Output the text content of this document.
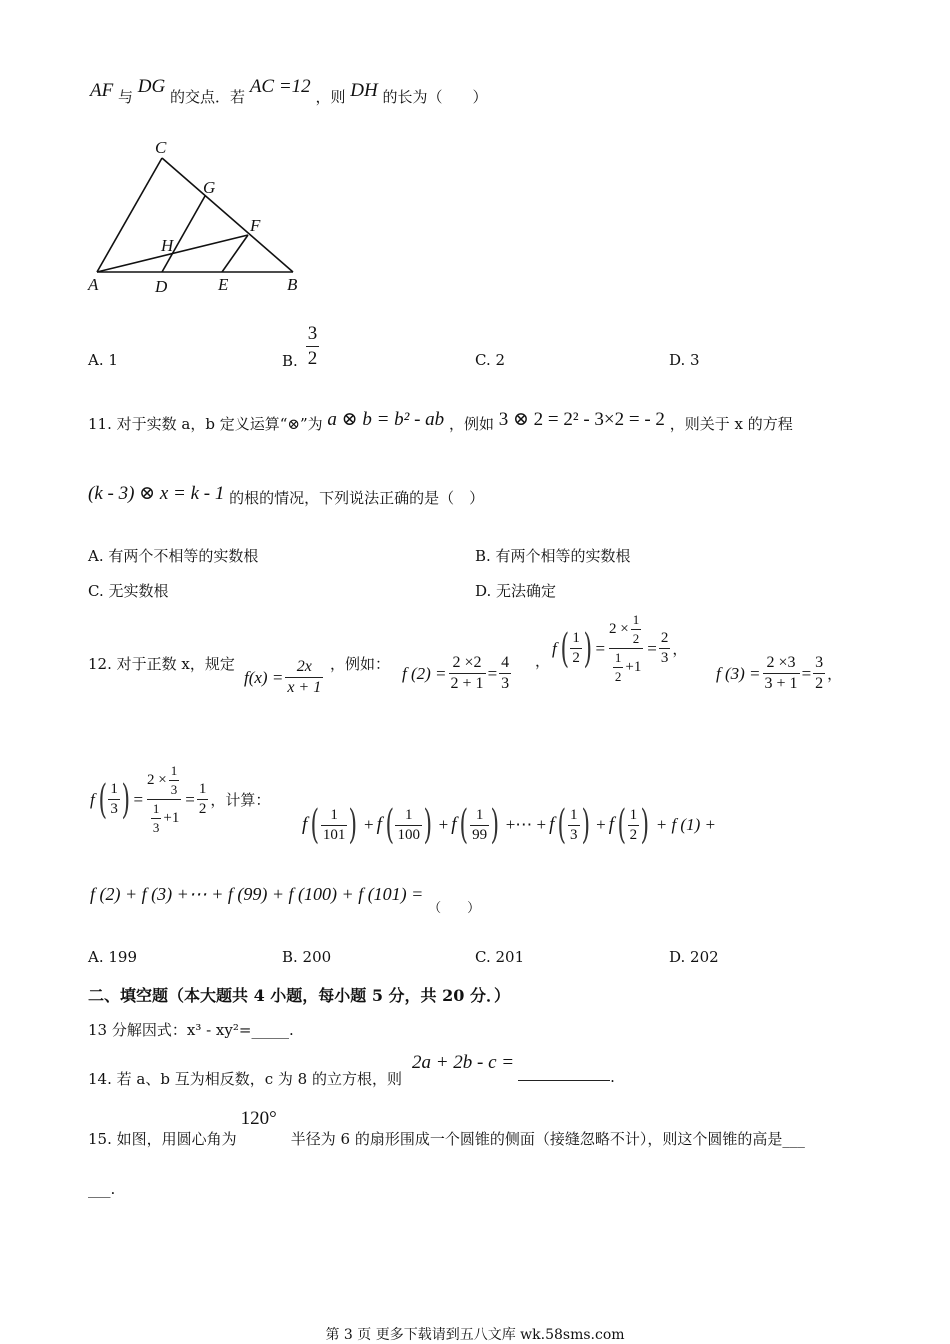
AF 与 DG 的交点．若 AC =12 ，则 DH 的长为（　　）
C
G
F
H
A	D	E	B
A. 1	B. $\frac{3}{2}$	C. 2	D. 3
11. 对于实数 a，b 定义运算“⊗”为 a ⊗ b = b² - ab ，例如 3 ⊗ 2 = 2² - 3×2 = - 2 ，则关于 x 的方程
(k - 3) ⊗ x = k - 1 的根的情况，下列说法正确的是（　）
A. 有两个不相等的实数根	B. 有两个相等的实数根
C. 无实数根	D. 无法确定
12. 对于正数 x，规定
$f(x) = \frac{2x}{x + 1}$ ，例如： f $(2) = \frac{2 \times 2}{2 + 1} = \frac{4}{3}$ ，
f ( $\frac{1}{2}$ ) = $\frac{2 \times \frac{1}{2}}{\frac{1}{2} +1} = \frac{2}{3}$ ，
f $(3) = \frac{2 \times 3}{3 + 1} = \frac{3}{2}$ ，
f ( $\frac{1}{3}$ ) = $\frac{2 \times \frac{1}{3}}{\frac{1}{3} +1} = \frac{1}{2}$ ，计算：
f ( $\frac{1}{101}$ ) + f ( $\frac{1}{100}$ ) + f ( $\frac{1}{99}$ ) +⋯ + f ( $\frac{1}{3}$ ) + f ( $\frac{1}{2}$ ) + f (1) +
f (2) + f (3) +⋯ + f (99) + f (100) + f (101) = （　　）
A. 199	B. 200	C. 201	D. 202
二、填空题（本大题共 4 小题，每小题 5 分，共 20 分．）
13 分解因式：x³ - xy²=_____.
14. 若 a、b 互为相反数，c 为 8 的立方根，则
2a + 2b - c =
.
15. 如图，用圆心角为
120°
半径为 6 的扇形围成一个圆锥的侧面（接缝忽略不计），则这个圆锥的高是___
___.
第 3 页 更多下载请到五八文库 wk.58sms.com
